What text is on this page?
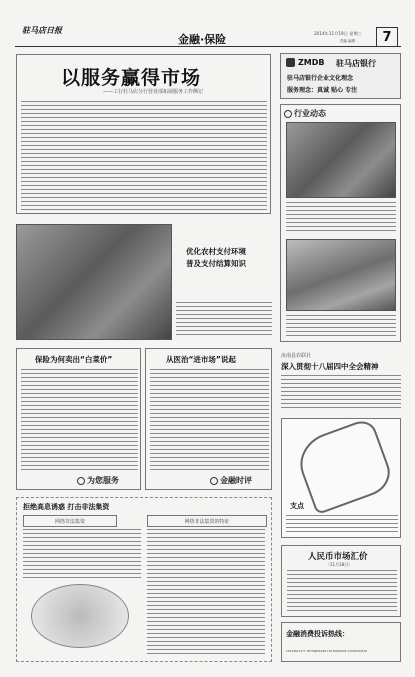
驻马店日报
金融·保险	2014年11月19日 星期三
责编 编辑 7
以服务赢得市场
——工行驻马店分行营业部拓展服务工作侧记
ZMDB 驻马店银行
驻马店银行企业文化理念
服务理念：真诚 贴心 专注
行业动态
优化农村支付环境
普及支付结算知识
保险为何卖出“白菜价”
为您服务
从医治“进市场”说起
金融时评
汝南县农联社
深入贯彻十八届四中全会精神
支点
拒绝高息诱惑 打击非法集资
网络非法集资	网络非法集资的特征
人民币市场汇价
（11月18日）
金融消费投诉热线：
13939821177 18739826188 18739626606 13939593516
